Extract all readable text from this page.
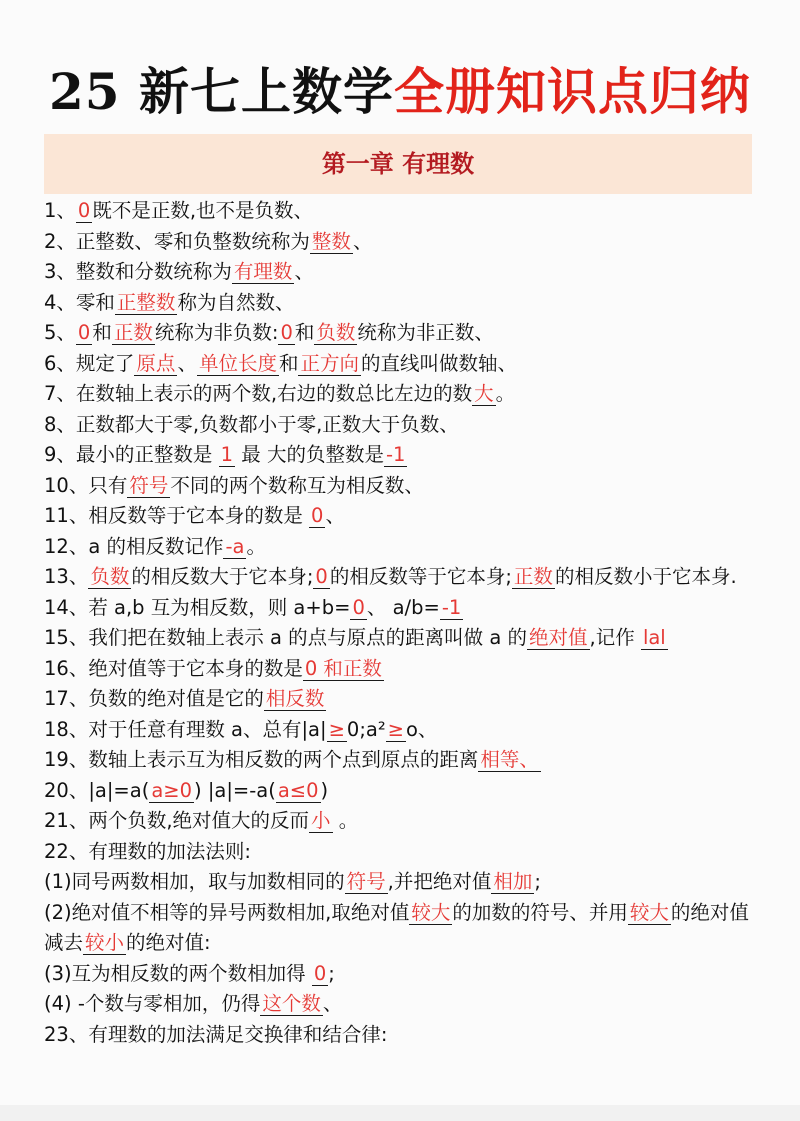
25 新七上数学全册知识点归纳
第一章 有理数
1、 0 既不是正数,也不是负数、
2、正整数、零和负整数统称为 整数 、
3、整数和分数统称为 有理数 、
4、零和 正整数 称为自然数、
5、 0 和 正数 统称为非负数: 0 和 负数 统称为非正数、
6、规定了 原点 、 单位长度 和 正方向 的直线叫做数轴、
7、在数轴上表示的两个数,右边的数总比左边的数 大 。
8、正数都大于零,负数都小于零,正数大于负数、
9、最小的正整数是 1 最 大的负整数是 -1
10、只有 符号 不同的两个数称互为相反数、
11、相反数等于它本身的数是 0 、
12、a 的相反数记作 -a 。
13、 负数 的相反数大于它本身; 0 的相反数等于它本身; 正数 的相反数小于它本身.
14、若 a,b 互为相反数，则 a+b= 0 、 a/b= -1
15、我们把在数轴上表示 a 的点与原点的距离叫做 a 的 绝对值 ,记作 lal
16、绝对值等于它本身的数是 0 和正数
17、负数的绝对值是它的 相反数
18、对于任意有理数 a、总有|a| ≥ 0;a² ≥ o、
19、数轴上表示互为相反数的两个点到原点的距离 相等、
20、|a|=a( a≥0 ) |a|=-a( a≤0 )
21、两个负数,绝对值大的反而 小 。
22、有理数的加法法则:
(1)同号两数相加，取与加数相同的 符号 ,并把绝对值 相加 ;
(2)绝对值不相等的异号两数相加,取绝对值 较大 的加数的符号、并用 较大 的绝对值减去 较小 的绝对值:
(3)互为相反数的两个数相加得 0 ;
(4) -个数与零相加，仍得 这个数 、
23、有理数的加法满足交换律和结合律:
